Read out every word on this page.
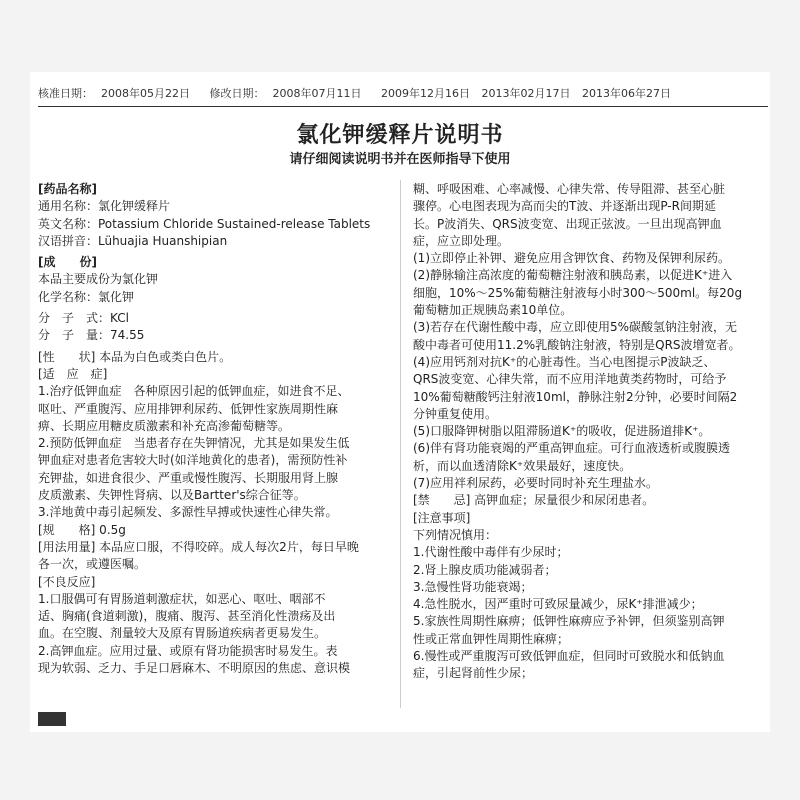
核准日期： 2008年05月22日 修改日期： 2008年07月11日 2009年12月16日 2013年02月17日 2013年06年27日
氯化钾缓释片说明书
请仔细阅读说明书并在医师指导下使用

[药品名称]

通用名称：氯化钾缓释片

英文名称：Potassium Chloride Sustained-release Tablets

汉语拼音：Lühuajia Huanshipian

[成　　份]

本品主要成份为氯化钾

化学名称：氯化钾

分　子　式：KCl

分　子　量：74.55

[性　　状] 本品为白色或类白色片。

[适　应　症]

1.治疗低钾血症　各种原因引起的低钾血症，如进食不足、

呕吐、严重腹泻、应用排钾利尿药、低钾性家族周期性麻

痹、长期应用糖皮质激素和补充高渗葡萄糖等。

2.预防低钾血症　当患者存在失钾情况，尤其是如果发生低

钾血症对患者危害较大时(如洋地黄化的患者)，需预防性补

充钾盐，如进食很少、严重或慢性腹泻、长期服用肾上腺

皮质激素、失钾性肾病、以及Bartter's综合征等。

3.洋地黄中毒引起频发、多源性早搏或快速性心律失常。

[规　　格] 0.5g

[用法用量] 本品应口服，不得咬碎。成人每次2片，每日早晚

各一次，或遵医嘱。

[不良反应]

1.口服偶可有胃肠道刺激症状，如恶心、呕吐、咽部不

适、胸痛(食道刺激)，腹痛、腹泻、甚至消化性溃疡及出

血。在空腹、剂量较大及原有胃肠道疾病者更易发生。

2.高钾血症。应用过量、或原有肾功能损害时易发生。表

现为软弱、乏力、手足口唇麻木、不明原因的焦虑、意识模

糊、呼吸困难、心率减慢、心律失常、传导阻滞、甚至心脏

骤停。心电图表现为高而尖的T波、并逐渐出现P-R间期延

长。P波消失、QRS波变宽、出现正弦波。一旦出现高钾血

症，应立即处理。

(1)立即停止补钾、避免应用含钾饮食、药物及保钾利尿药。

(2)静脉输注高浓度的葡萄糖注射液和胰岛素，以促进K⁺进入

细胞，10%～25%葡萄糖注射液每小时300～500ml。每20g

葡萄糖加正规胰岛素10单位。

(3)若存在代谢性酸中毒，应立即使用5%碳酸氢钠注射液，无

酸中毒者可使用11.2%乳酸钠注射液，特别是QRS波增宽者。

(4)应用钙剂对抗K⁺的心脏毒性。当心电图提示P波缺乏、

QRS波变宽、心律失常，而不应用洋地黄类药物时，可给予

10%葡萄糖酸钙注射液10ml，静脉注射2分钟，必要时间隔2

分钟重复使用。

(5)口服降钾树脂以阻滞肠道K⁺的吸收，促进肠道排K⁺。

(6)伴有肾功能衰竭的严重高钾血症。可行血液透析或腹膜透

析，而以血透清除K⁺效果最好，速度快。

(7)应用袢利尿药，必要时同时补充生理盐水。

[禁　　忌] 高钾血症；尿量很少和尿闭患者。

[注意事项]

下列情况慎用：

1.代谢性酸中毒伴有少尿时；

2.肾上腺皮质功能减弱者；

3.急慢性肾功能衰竭；

4.急性脱水，因严重时可致尿量减少，尿K⁺排泄减少；

5.家族性周期性麻痹；低钾性麻痹应予补钾，但须鉴别高钾

性或正常血钾性周期性麻痹；

6.慢性或严重腹泻可致低钾血症，但同时可致脱水和低钠血

症，引起肾前性少尿；
